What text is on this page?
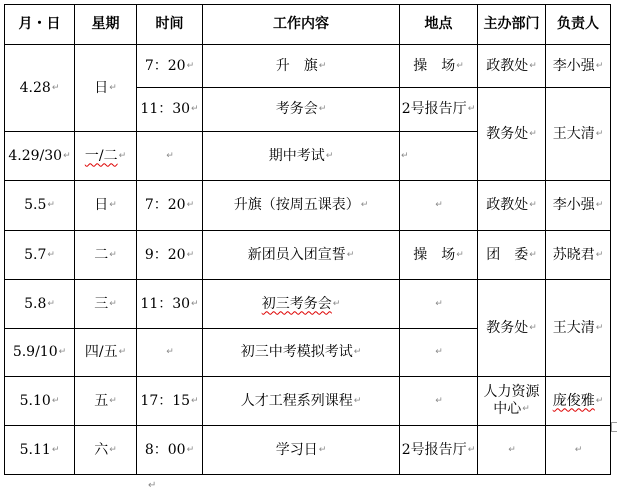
月・日	星期	时间	工作内容	地点	主办部门	负责人
4.28↵	日↵	7：20↵	升　旗↵	操　场↵	政教处↵	李小强↵
		11：30↵	考务会↵	2号报告厅↵	教务处↵	王大清↵
4.29/30↵	一/二↵	↵	期中考试↵	↵		
5.5↵	日↵	7：20↵	升旗（按周五课表）↵	↵	政教处↵	李小强↵
5.7↵	二↵	9：20↵	新团员入团宣誓↵	操　场↵	团　委↵	苏晓君↵
5.8↵	三↵	11：30↵	初三考务会↵	↵	教务处↵	王大清↵
5.9/10↵	四/五↵	↵	初三中考模拟考试↵	↵		
5.10↵	五↵	17：15↵	人才工程系列课程↵	↵	人力资源中心↵	庞俊雅↵
5.11↵	六↵	8：00↵	学习日↵	2号报告厅↵	↵	↵
↵
